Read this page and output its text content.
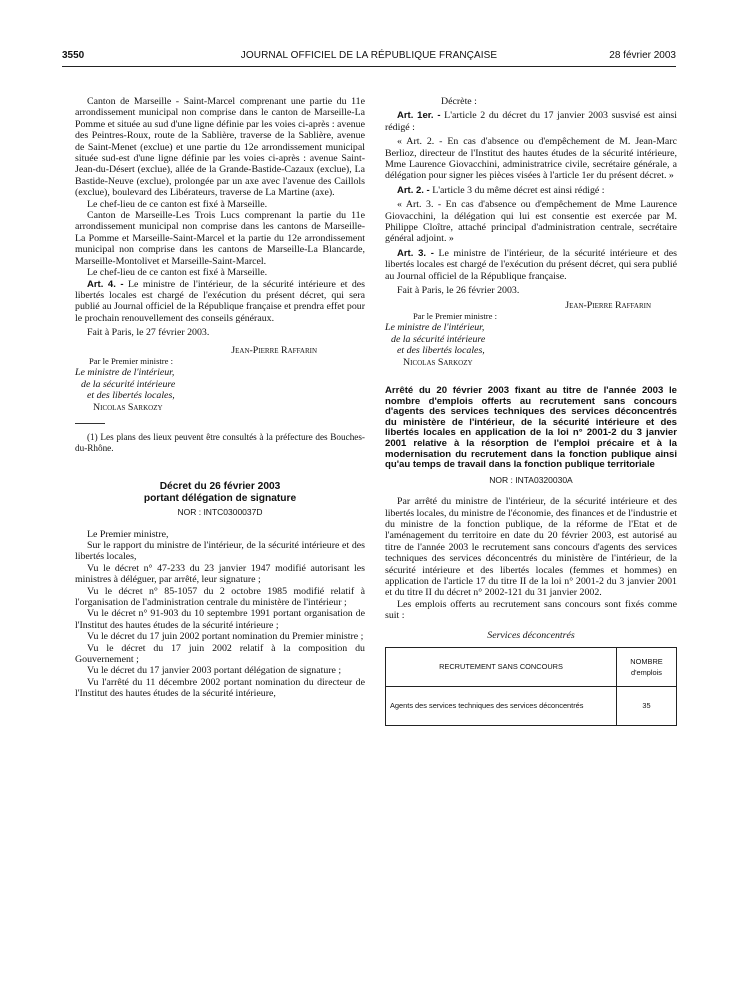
3550	JOURNAL OFFICIEL DE LA RÉPUBLIQUE FRANÇAISE	28 février 2003

Canton de Marseille - Saint-Marcel comprenant une partie du 11e arrondissement municipal non comprise dans le canton de Marseille-La Pomme et située au sud d'une ligne définie par les voies ci-après : avenue des Peintres-Roux, route de la Sablière, traverse de la Sablière, avenue de Saint-Menet (exclue) et une partie du 12e arrondissement municipal située sud-est d'une ligne définie par les voies ci-après : avenue Saint-Jean-du-Désert (exclue), allée de la Grande-Bastide-Cazaux (exclue), La Bastide-Neuve (exclue), prolongée par un axe avec l'avenue des Caillols (exclue), boulevard des Libérateurs, traverse de La Martine (axe).

Le chef-lieu de ce canton est fixé à Marseille.

Canton de Marseille-Les Trois Lucs comprenant la partie du 11e arrondissement municipal non comprise dans les cantons de Marseille-La Pomme et Marseille-Saint-Marcel et la partie du 12e arrondissement municipal non comprise dans les cantons de Marseille-La Blancarde, Marseille-Montolivet et Marseille-Saint-Marcel.

Le chef-lieu de ce canton est fixé à Marseille.

Art. 4. - Le ministre de l'intérieur, de la sécurité intérieure et des libertés locales est chargé de l'exécution du présent décret, qui sera publié au Journal officiel de la République française et prendra effet pour le prochain renouvellement des conseils généraux.

Fait à Paris, le 27 février 2003.

Jean-Pierre Raffarin

Par le Premier ministre :

Le ministre de l'intérieur,

de la sécurité intérieure

et des libertés locales,

Nicolas Sarkozy

(1) Les plans des lieux peuvent être consultés à la préfecture des Bouches-du-Rhône.

Décret du 26 février 2003
portant délégation de signature
NOR : INTC0300037D

Le Premier ministre,

Sur le rapport du ministre de l'intérieur, de la sécurité intérieure et des libertés locales,

Vu le décret n° 47-233 du 23 janvier 1947 modifié autorisant les ministres à déléguer, par arrêté, leur signature ;

Vu le décret n° 85-1057 du 2 octobre 1985 modifié relatif à l'organisation de l'administration centrale du ministère de l'intérieur ;

Vu le décret n° 91-903 du 10 septembre 1991 portant organisation de l'Institut des hautes études de la sécurité intérieure ;

Vu le décret du 17 juin 2002 portant nomination du Premier ministre ;

Vu le décret du 17 juin 2002 relatif à la composition du Gouvernement ;

Vu le décret du 17 janvier 2003 portant délégation de signature ;

Vu l'arrêté du 11 décembre 2002 portant nomination du directeur de l'Institut des hautes études de la sécurité intérieure,

Décrète :

Art. 1er. - L'article 2 du décret du 17 janvier 2003 susvisé est ainsi rédigé :

« Art. 2. - En cas d'absence ou d'empêchement de M. Jean-Marc Berlioz, directeur de l'Institut des hautes études de la sécurité intérieure, Mme Laurence Giovacchini, administratrice civile, secrétaire générale, a délégation pour signer les pièces visées à l'article 1er du présent décret. »

Art. 2. - L'article 3 du même décret est ainsi rédigé :

« Art. 3. - En cas d'absence ou d'empêchement de Mme Laurence Giovacchini, la délégation qui lui est consentie est exercée par M. Philippe Cloître, attaché principal d'administration centrale, secrétaire général adjoint. »

Art. 3. - Le ministre de l'intérieur, de la sécurité intérieure et des libertés locales est chargé de l'exécution du présent décret, qui sera publié au Journal officiel de la République française.

Fait à Paris, le 26 février 2003.

Jean-Pierre Raffarin

Par le Premier ministre :

Le ministre de l'intérieur,

de la sécurité intérieure

et des libertés locales,

Nicolas Sarkozy

Arrêté du 20 février 2003 fixant au titre de l'année 2003 le nombre d'emplois offerts au recrutement sans concours d'agents des services techniques des services déconcentrés du ministère de l'intérieur, de la sécurité intérieure et des libertés locales en application de la loi n° 2001-2 du 3 janvier 2001 relative à la résorption de l'emploi précaire et à la modernisation du recrutement dans la fonction publique ainsi qu'au temps de travail dans la fonction publique territoriale
NOR : INTA0320030A

Par arrêté du ministre de l'intérieur, de la sécurité intérieure et des libertés locales, du ministre de l'économie, des finances et de l'industrie et du ministre de la fonction publique, de la réforme de l'Etat et de l'aménagement du territoire en date du 20 février 2003, est autorisé au titre de l'année 2003 le recrutement sans concours d'agents des services techniques des services déconcentrés du ministère de l'intérieur, de la sécurité intérieure et des libertés locales (femmes et hommes) en application de l'article 17 du titre II de la loi n° 2001-2 du 3 janvier 2001 et du titre II du décret n° 2002-121 du 31 janvier 2002.

Les emplois offerts au recrutement sans concours sont fixés comme suit :

Services déconcentrés

RECRUTEMENT SANS CONCOURS	NOMBRE
d'emplois

Agents des services techniques des services déconcentrés	35
